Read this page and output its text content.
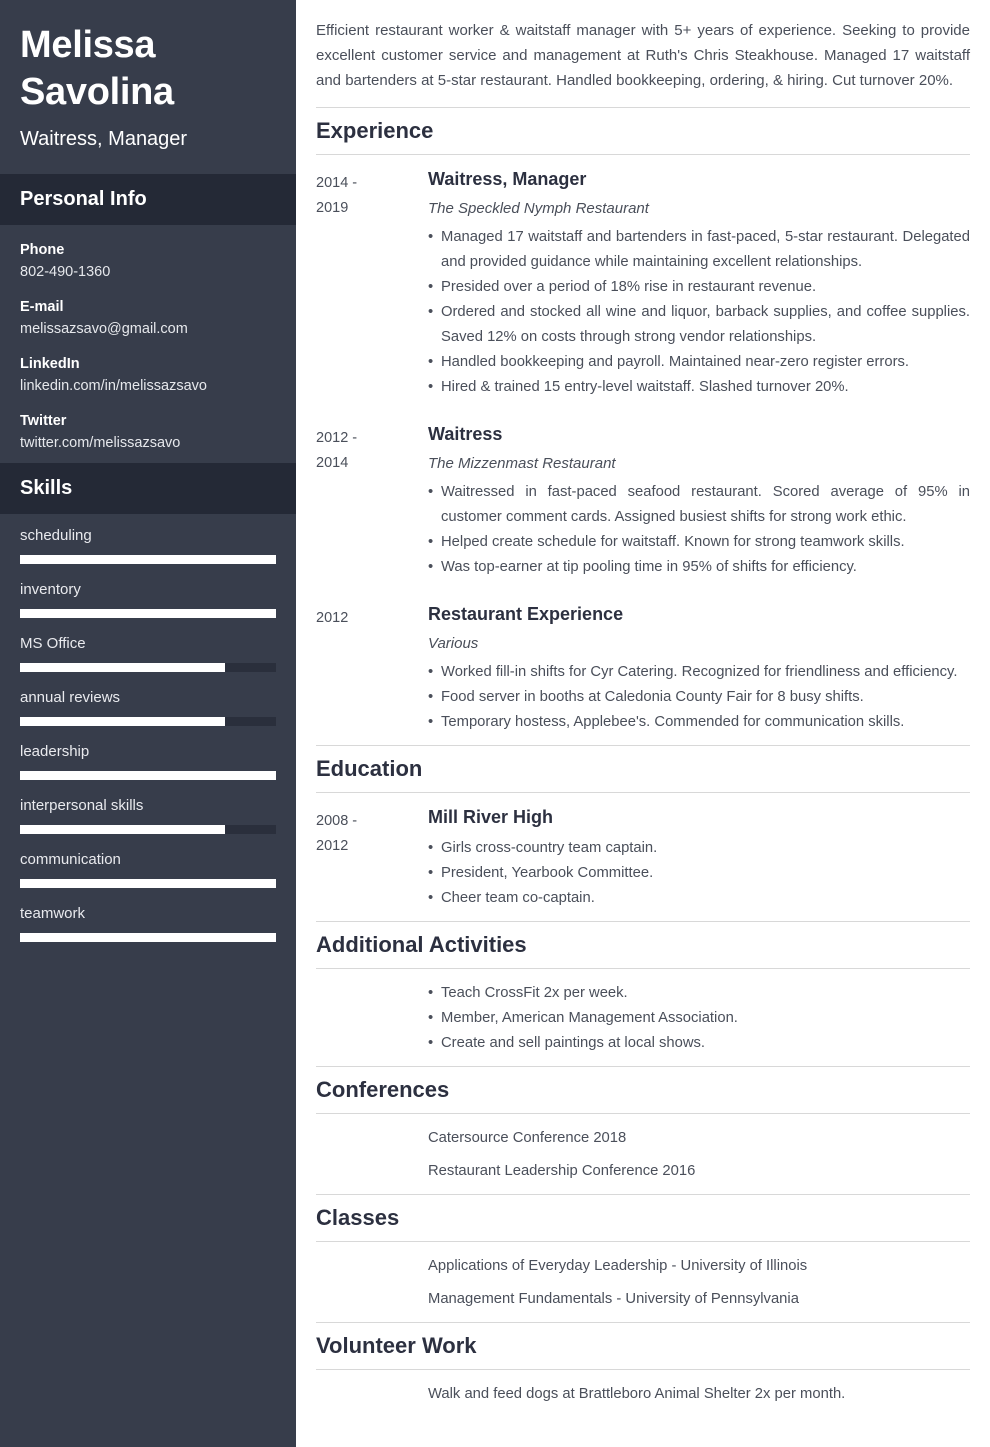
Melissa Savolina
Waitress, Manager
Personal Info
Phone
802-490-1360
E-mail
melissazsavo@gmail.com
LinkedIn
linkedin.com/in/melissazsavo
Twitter
twitter.com/melissazsavo
Skills
scheduling
inventory
MS Office
annual reviews
leadership
interpersonal skills
communication
teamwork

Efficient restaurant worker & waitstaff manager with 5+ years of experience. Seeking to provide excellent customer service and management at Ruth's Chris Steakhouse. Managed 17 waitstaff and bartenders at 5-star restaurant. Handled bookkeeping, ordering, & hiring. Cut turnover 20%.

Experience
2014 -
2019
Waitress, Manager
The Speckled Nymph Restaurant
• Managed 17 waitstaff and bartenders in fast-paced, 5-star restaurant. Delegated and provided guidance while maintaining excellent relationships.
• Presided over a period of 18% rise in restaurant revenue.
• Ordered and stocked all wine and liquor, barback supplies, and coffee supplies. Saved 12% on costs through strong vendor relationships.
• Handled bookkeeping and payroll. Maintained near-zero register errors.
• Hired & trained 15 entry-level waitstaff. Slashed turnover 20%.
2012 -
2014
Waitress
The Mizzenmast Restaurant
• Waitressed in fast-paced seafood restaurant. Scored average of 95% in customer comment cards. Assigned busiest shifts for strong work ethic.
• Helped create schedule for waitstaff. Known for strong teamwork skills.
• Was top-earner at tip pooling time in 95% of shifts for efficiency.
2012	Restaurant Experience
Various
• Worked fill-in shifts for Cyr Catering. Recognized for friendliness and efficiency.
• Food server in booths at Caledonia County Fair for 8 busy shifts.
• Temporary hostess, Applebee's. Commended for communication skills.
Education
2008 -
2012
Mill River High
• Girls cross-country team captain.
• President, Yearbook Committee.
• Cheer team co-captain.
Additional Activities
• Teach CrossFit 2x per week.
• Member, American Management Association.
• Create and sell paintings at local shows.
Conferences
Catersource Conference 2018
Restaurant Leadership Conference 2016
Classes
Applications of Everyday Leadership - University of Illinois
Management Fundamentals - University of Pennsylvania
Volunteer Work
Walk and feed dogs at Brattleboro Animal Shelter 2x per month.
